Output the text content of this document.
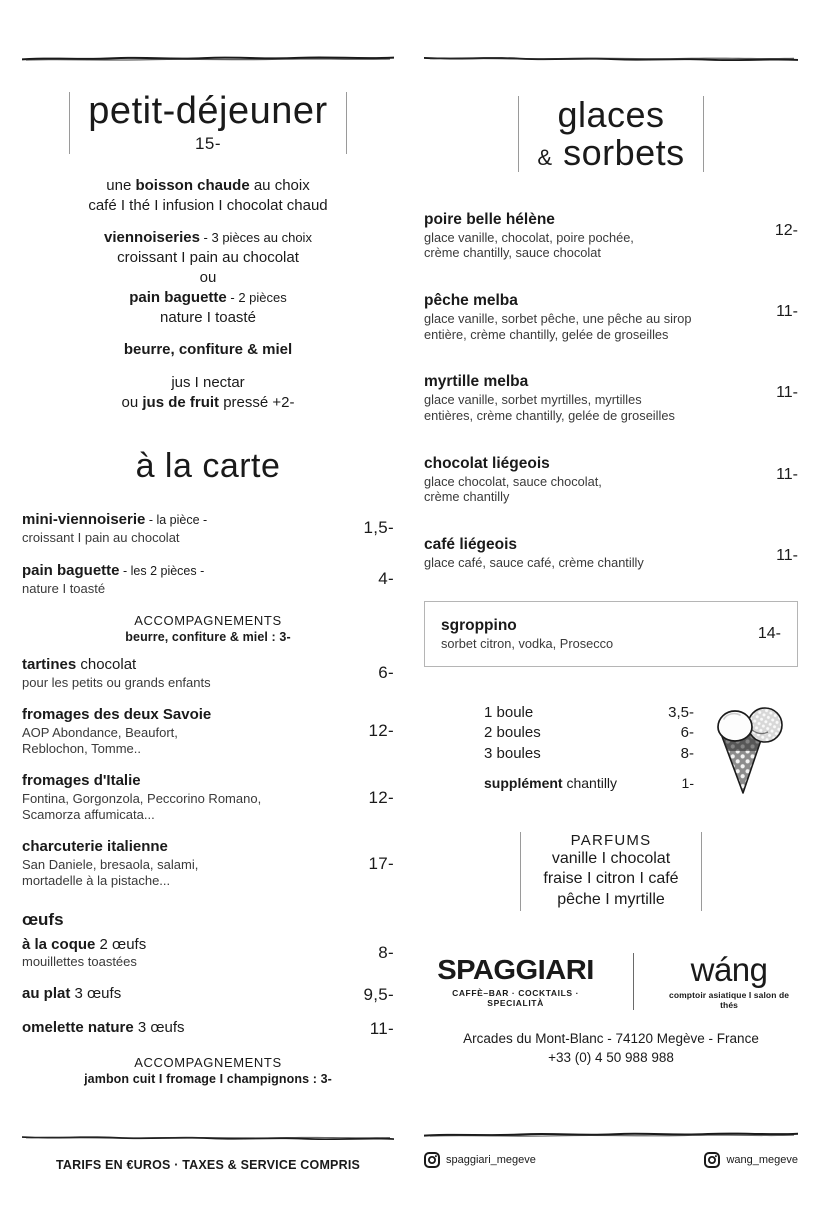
petit-déjeuner
15-

une boisson chaude au choix

café I thé I infusion I chocolat chaud

viennoiseries - 3 pièces au choix

croissant I pain au chocolat

ou

pain baguette - 2 pièces

nature I toasté

beurre, confiture & miel

jus I nectar

ou jus de fruit pressé +2-

à la carte
mini-viennoiserie - la pièce -
croissant I pain au chocolat	1,5-
pain baguette - les 2 pièces -
nature I toasté	4-
ACCOMPAGNEMENTS
beurre, confiture & miel : 3-
tartines chocolat
pour les petits ou grands enfants	6-
fromages des deux Savoie
AOP Abondance, Beaufort,
Reblochon, Tomme..
12-
fromages d'Italie
Fontina, Gorgonzola, Peccorino Romano,
Scamorza affumicata...
12-
charcuterie italienne
San Daniele, bresaola, salami,
mortadelle à la pistache...
17-
œufs
à la coque 2 œufs
mouillettes toastées	8-
au plat 3 œufs	9,5-
omelette nature 3 œufs	11-
ACCOMPAGNEMENTS
jambon cuit I fromage I champignons : 3-
glaces
& sorbets
poire belle hélène
glace vanille, chocolat, poire pochée,
crème chantilly, sauce chocolat
12-
pêche melba
glace vanille, sorbet pêche, une pêche au sirop
entière, crème chantilly, gelée de groseilles
11-
myrtille melba
glace vanille, sorbet myrtilles, myrtilles
entières, crème chantilly, gelée de groseilles
11-
chocolat liégeois
glace chocolat, sauce chocolat,
crème chantilly
11-
café liégeois
glace café, sauce café, crème chantilly	11-
sgroppino
sorbet citron, vodka, Prosecco
14-
1 boule	3,5-
2 boules	6-
3 boules	8-
supplément chantilly	1-
PARFUMS
vanille I chocolat
fraise I citron I café
pêche I myrtille
SPAGGIARI
CAFFÈ–BAR · COCKTAILS · SPECIALITÀ
wáng
comptoir asiatique I salon de thés
Arcades du Mont-Blanc - 74120 Megève - France
+33 (0) 4 50 988 988
TARIFS EN €UROS · TAXES & SERVICE COMPRIS	spaggiari_megeve	wang_megeve
